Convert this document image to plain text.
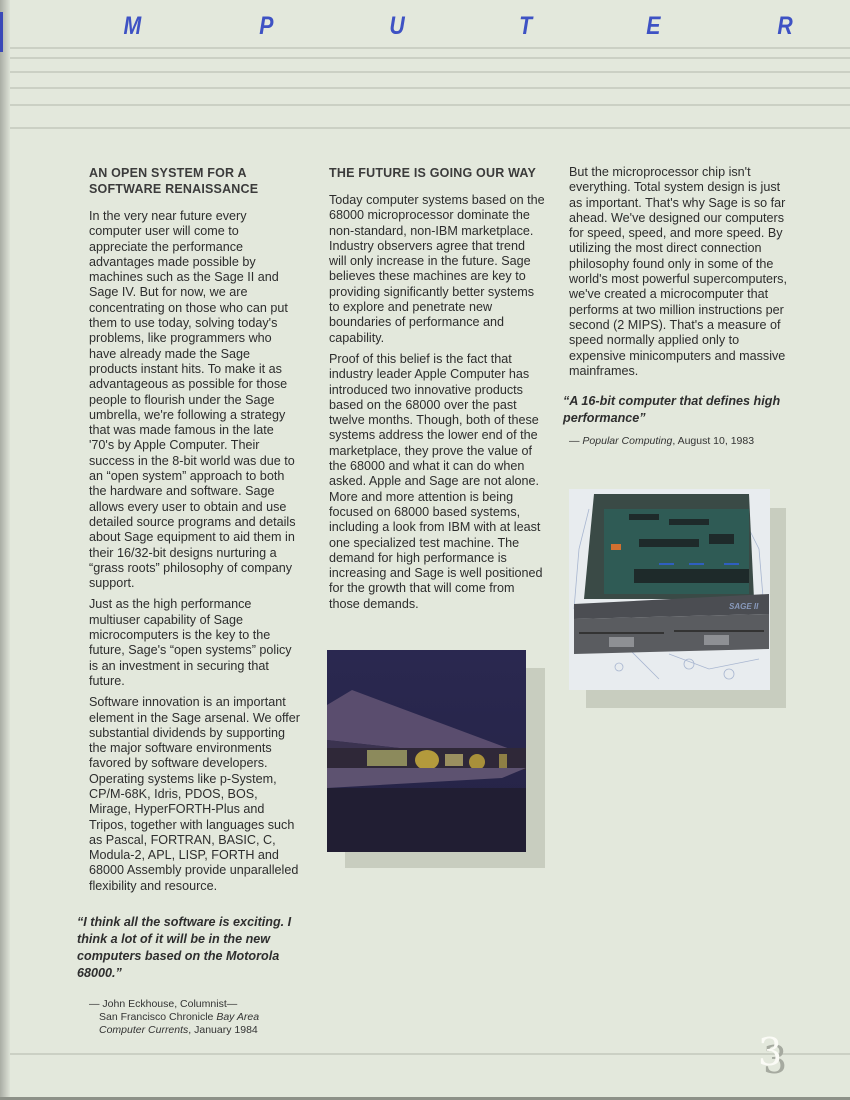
M	P	U	T	E	R
AN OPEN SYSTEM FOR A
SOFTWARE RENAISSANCE

In the very near future every computer user will come to appreciate the performance advantages made possible by machines such as the Sage II and Sage IV. But for now, we are concentrating on those who can put them to use today, solving today's problems, like programmers who have already made the Sage products instant hits. To make it as advantageous as possible for those people to flourish under the Sage umbrella, we're following a strategy that was made famous in the late '70's by Apple Computer. Their success in the 8-bit world was due to an “open system” approach to both the hardware and software. Sage allows every user to obtain and use detailed source programs and details about Sage equipment to aid them in their 16/32-bit designs nurturing a “grass roots” philosophy of company support.

Just as the high performance multiuser capability of Sage microcomputers is the key to the future, Sage's “open systems” policy is an investment in securing that future.

Software innovation is an important element in the Sage arsenal. We offer substantial dividends by supporting the major software environments favored by software developers. Operating systems like p-System, CP/M-68K, Idris, PDOS, BOS, Mirage, HyperFORTH-Plus and Tripos, together with languages such as Pascal, FORTRAN, BASIC, C, Modula-2, APL, LISP, FORTH and 68000 Assembly provide unparalleled flexibility and resource.

“I think all the software is exciting. I think a lot of it will be in the new computers based on the Motorola 68000.”

— John Eckhouse, Columnist—
San Francisco Chronicle Bay Area
Computer Currents, January 1984
THE FUTURE IS GOING OUR WAY

Today computer systems based on the 68000 microprocessor dominate the non-standard, non-IBM marketplace. Industry observers agree that trend will only increase in the future. Sage believes these machines are key to providing significantly better systems to explore and penetrate new boundaries of performance and capability.

Proof of this belief is the fact that industry leader Apple Computer has introduced two innovative products based on the 68000 over the past twelve months. Though, both of these systems address the lower end of the marketplace, they prove the value of the 68000 and what it can do when asked. Apple and Sage are not alone. More and more attention is being focused on 68000 based systems, including a look from IBM with at least one specialized test machine. The demand for high performance is increasing and Sage is well positioned for the growth that will come from those demands.

But the microprocessor chip isn't everything. Total system design is just as important. That's why Sage is so far ahead. We've designed our computers for speed, speed, and more speed. By utilizing the most direct connection philosophy found only in some of the world's most powerful supercomputers, we've created a microcomputer that performs at two million instructions per second (2 MIPS). That's a measure of speed normally applied only to expensive minicomputers and massive mainframes.

“A 16-bit computer that defines high performance”

— Popular Computing, August 10, 1983
SAGE II
3
